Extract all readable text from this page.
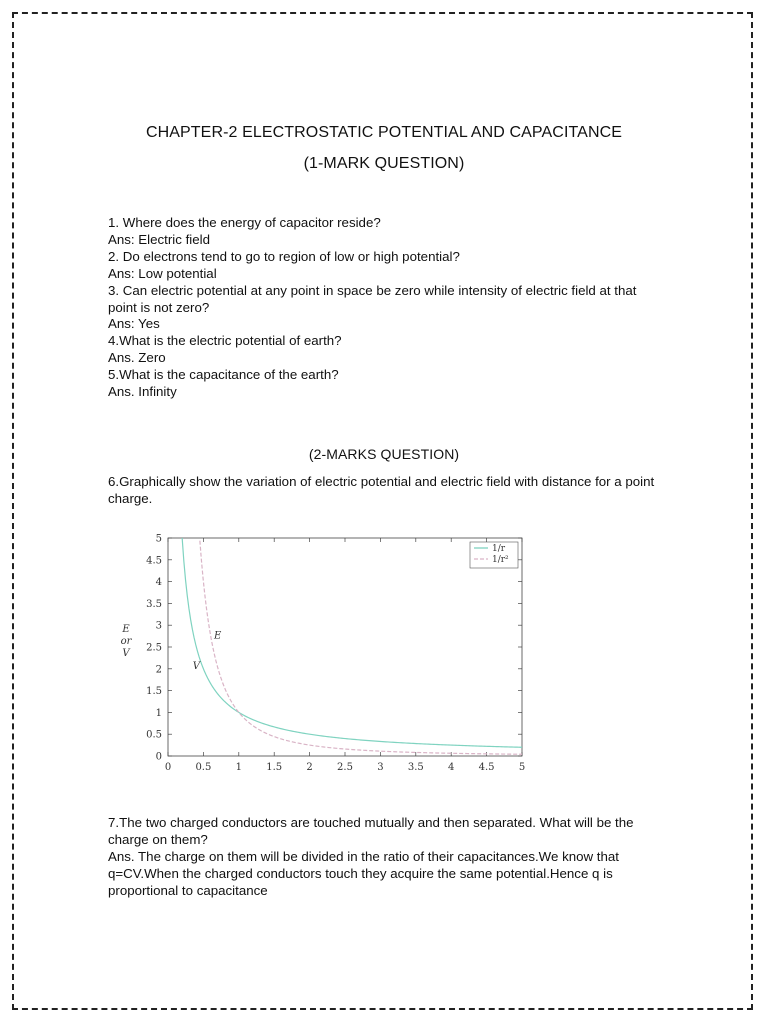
CHAPTER-2 ELECTROSTATIC POTENTIAL AND CAPACITANCE
(1-MARK QUESTION)

1. Where does the energy of capacitor reside?

Ans: Electric field

2. Do electrons tend to go to region of low or high potential?

Ans: Low potential

3. Can electric potential at any point in space be zero while intensity of electric field at that point is not zero?

Ans: Yes

4.What is the electric potential of earth?

Ans. Zero

5.What is the capacitance of the earth?

Ans. Infinity

(2-MARKS QUESTION)
6.Graphically show the variation of electric potential and electric field with distance for a point charge.
0 0.5 1 1.5 2 2.5 3 3.5 4 4.5 5
0
0.5
1
1.5
2
2.5
3
3.5
4
4.5
5
E
or
V
E
V
1/r
1/r²

7.The two charged conductors are touched mutually and then separated. What will be the charge on them?

Ans. The charge on them will be divided in the ratio of their capacitances.We know that q=CV.When the charged conductors touch they acquire the same potential.Hence q is proportional to capacitance
